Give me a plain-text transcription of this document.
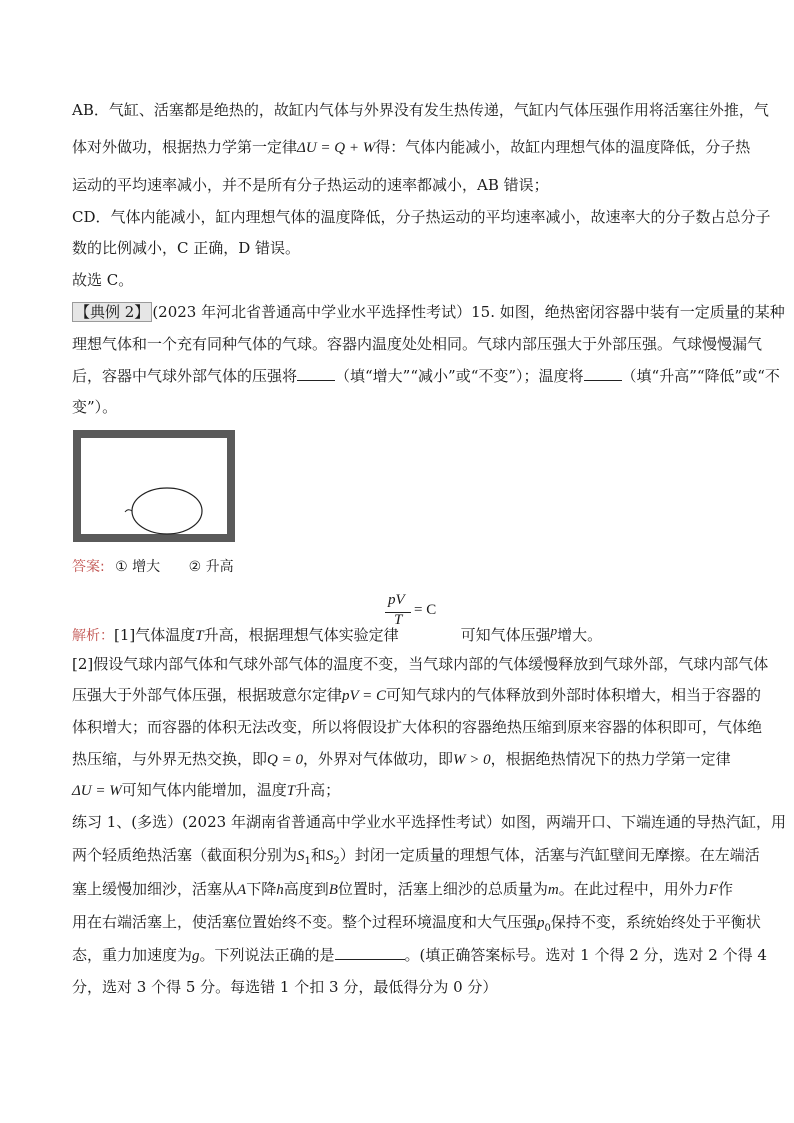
AB．气缸、活塞都是绝热的，故缸内气体与外界没有发生热传递，气缸内气体压强作用将活塞往外推，气
体对外做功，根据热力学第一定律ΔU = Q + W得：气体内能减小，故缸内理想气体的温度降低，分子热
运动的平均速率减小，并不是所有分子热运动的速率都减小，AB 错误；
CD．气体内能减小，缸内理想气体的温度降低，分子热运动的平均速率减小，故速率大的分子数占总分子
数的比例减小，C 正确，D 错误。
故选 C。
【典例 2】 (2023 年河北省普通高中学业水平选择性考试）15. 如图，绝热密闭容器中装有一定质量的某种
理想气体和一个充有同种气体的气球。容器内温度处处相同。气球内部压强大于外部压强。气球慢慢漏气
后，容器中气球外部气体的压强将	（填“增大”“减小”或“不变”）；温度将	（填“升高”“降低”或“不
变”）。
答案: ① 增大 ② 升高
pV
T
= C
解析：[1]气体温度T升高，根据理想气体实验定律	可知气体压强p增大。
[2]假设气球内部气体和气球外部气体的温度不变，当气球内部的气体缓慢释放到气球外部，气球内部气体
压强大于外部气体压强，根据玻意尔定律pV = C可知气球内的气体释放到外部时体积增大，相当于容器的
体积增大；而容器的体积无法改变，所以将假设扩大体积的容器绝热压缩到原来容器的体积即可，气体绝
热压缩，与外界无热交换，即Q = 0，外界对气体做功，即W > 0，根据绝热情况下的热力学第一定律
ΔU = W可知气体内能增加，温度T升高；
练习 1、(多选）(2023 年湖南省普通高中学业水平选择性考试）如图，两端开口、下端连通的导热汽缸，用
两个轻质绝热活塞（截面积分别为$S_1$和$S_2$）封闭一定质量的理想气体，活塞与汽缸壁间无摩擦。在左端活
塞上缓慢加细沙，活塞从A下降h高度到B位置时，活塞上细沙的总质量为m。在此过程中，用外力F作
用在右端活塞上，使活塞位置始终不变。整个过程环境温度和大气压强$p_0$保持不变，系统始终处于平衡状
态，重力加速度为g。下列说法正确的是	。(填正确答案标号。选对 1 个得 2 分，选对 2 个得 4
分，选对 3 个得 5 分。每选错 1 个扣 3 分，最低得分为 0 分）
